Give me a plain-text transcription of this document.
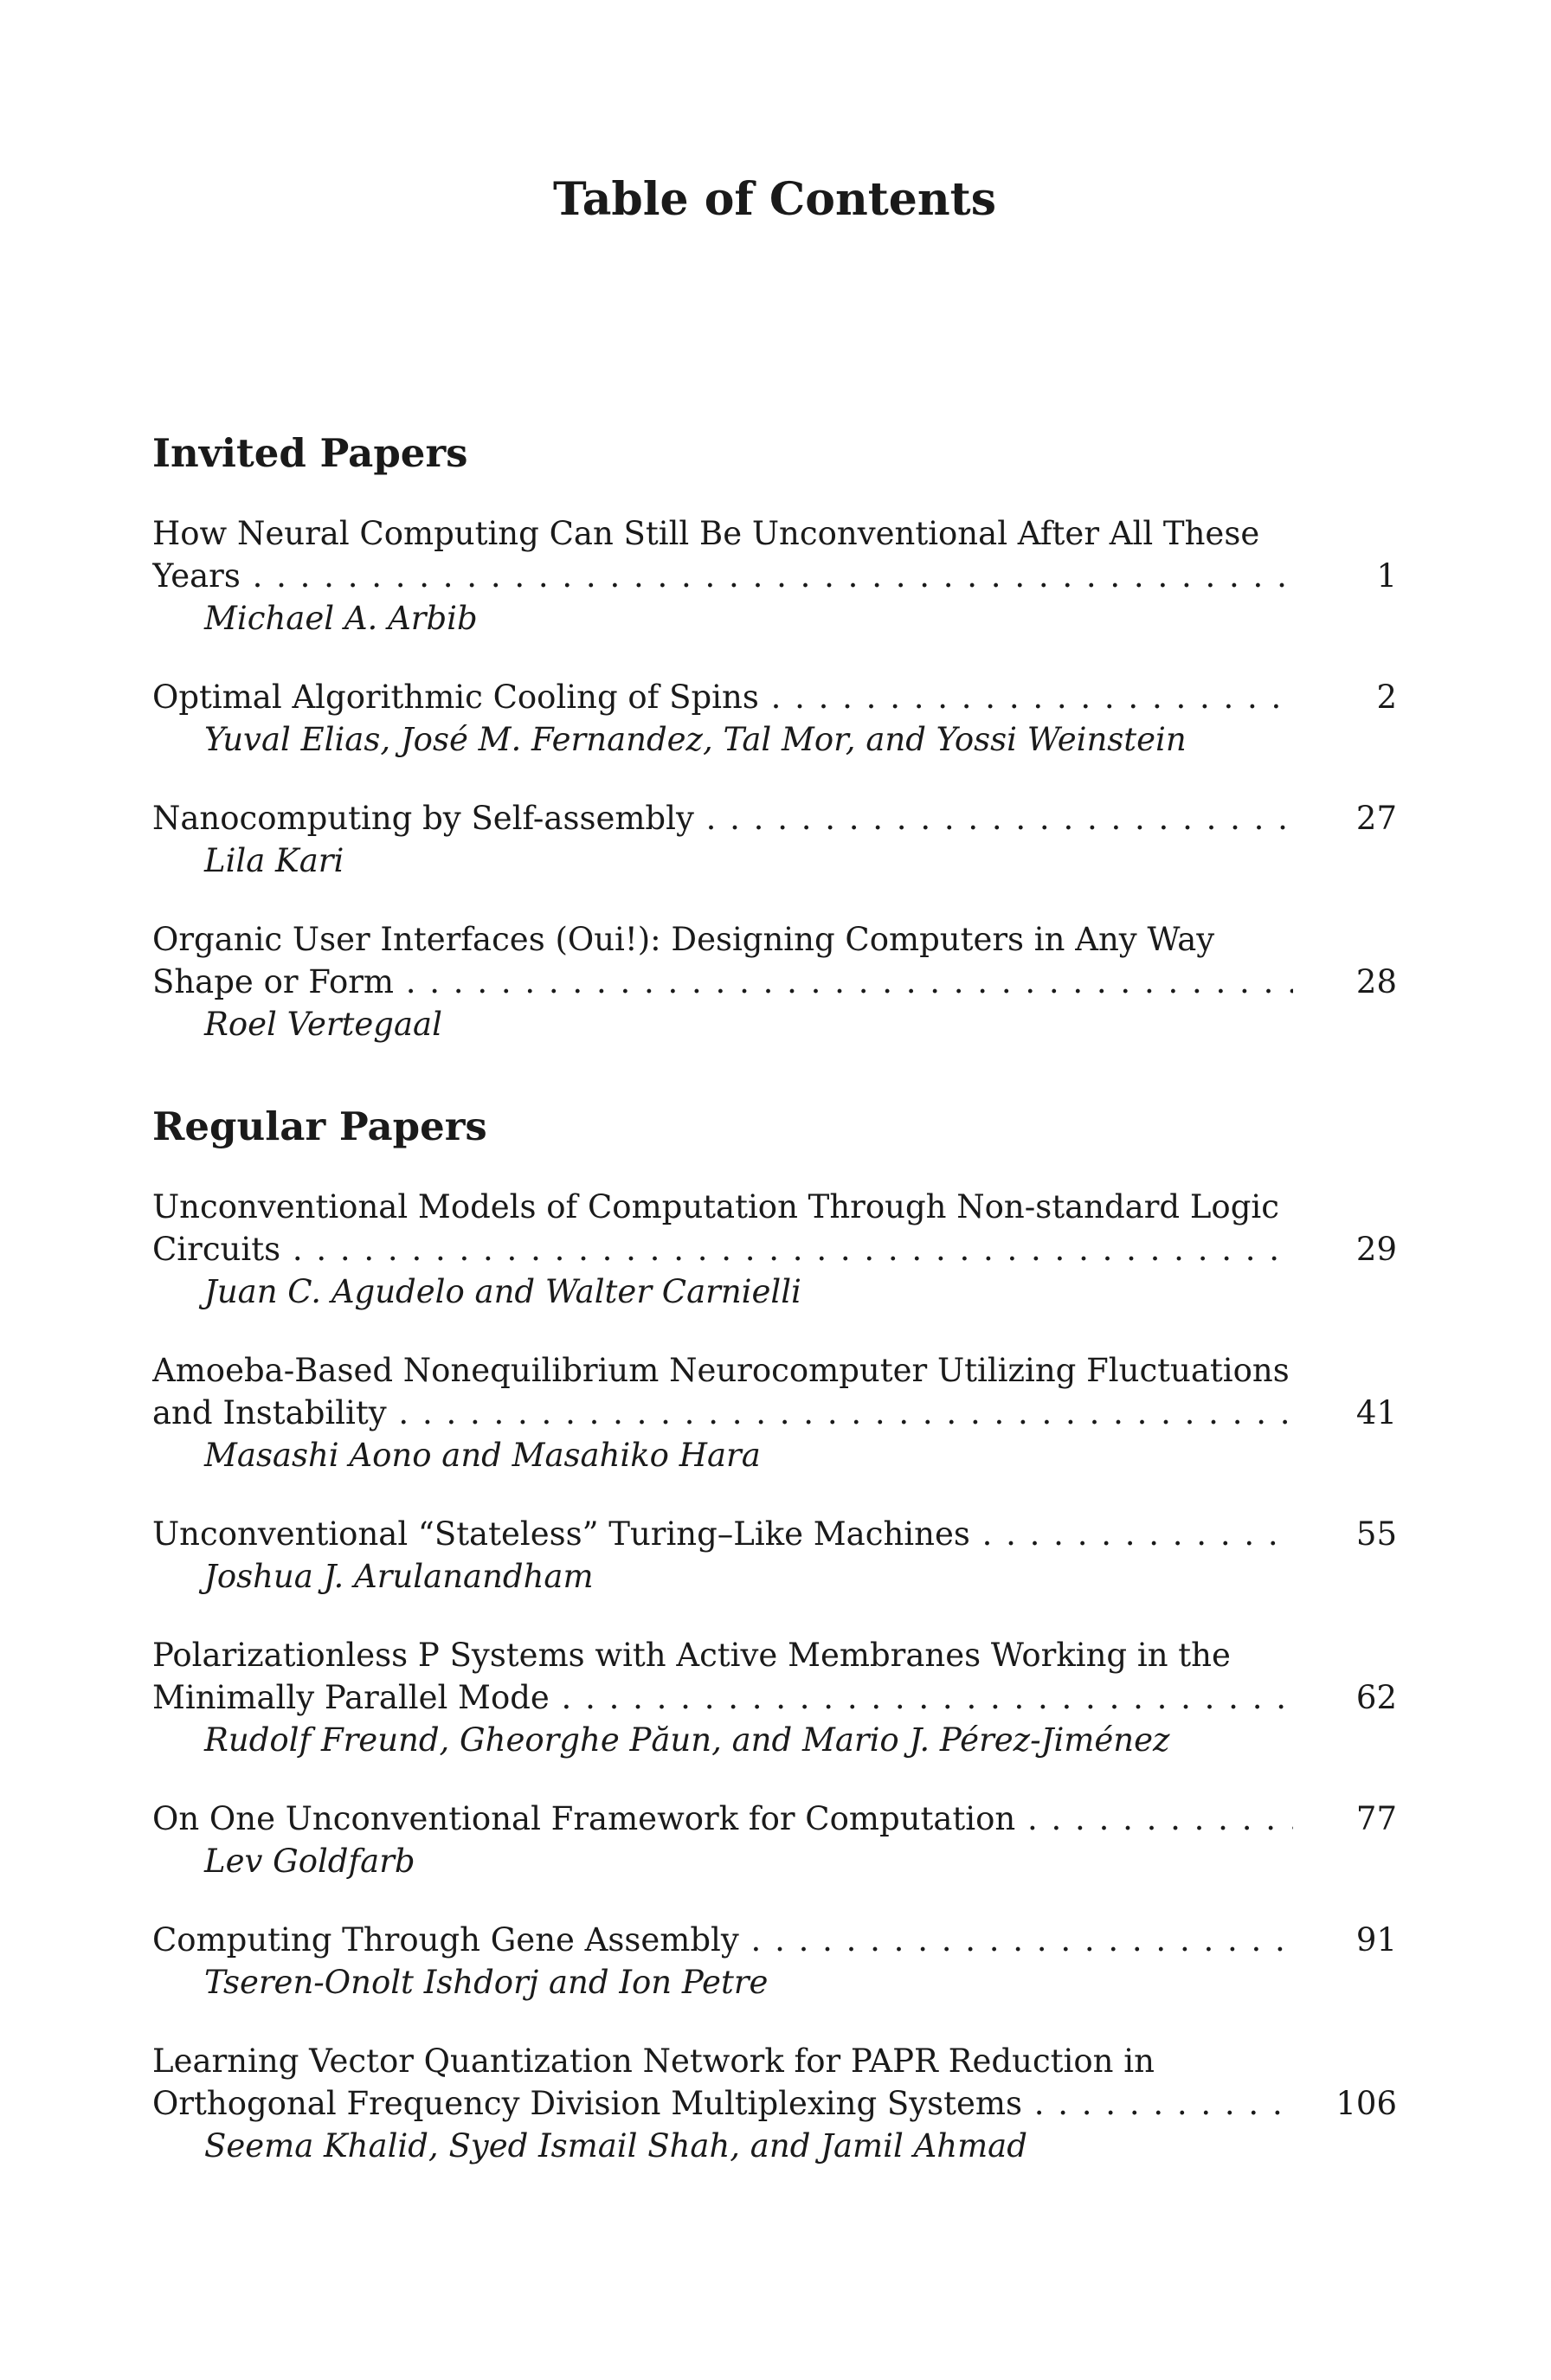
Table of Contents
Invited Papers
How Neural Computing Can Still Be Unconventional After All These
Years . . .	1
Michael A. Arbib
Optimal Algorithmic Cooling of Spins . . .	2
Yuval Elias, José M. Fernandez, Tal Mor, and Yossi Weinstein
Nanocomputing by Self-assembly . . .	27
Lila Kari
Organic User Interfaces (Oui!): Designing Computers in Any Way
Shape or Form . . .	28
Roel Vertegaal
Regular Papers
Unconventional Models of Computation Through Non-standard Logic
Circuits . . .	29
Juan C. Agudelo and Walter Carnielli
Amoeba-Based Nonequilibrium Neurocomputer Utilizing Fluctuations
and Instability . . .	41
Masashi Aono and Masahiko Hara
Unconventional “Stateless” Turing–Like Machines . . .	55
Joshua J. Arulanandham
Polarizationless P Systems with Active Membranes Working in the
Minimally Parallel Mode . . .	62
Rudolf Freund, Gheorghe Păun, and Mario J. Pérez-Jiménez
On One Unconventional Framework for Computation . . .	77
Lev Goldfarb
Computing Through Gene Assembly . . .	91
Tseren-Onolt Ishdorj and Ion Petre
Learning Vector Quantization Network for PAPR Reduction in
Orthogonal Frequency Division Multiplexing Systems . . .	106
Seema Khalid, Syed Ismail Shah, and Jamil Ahmad
